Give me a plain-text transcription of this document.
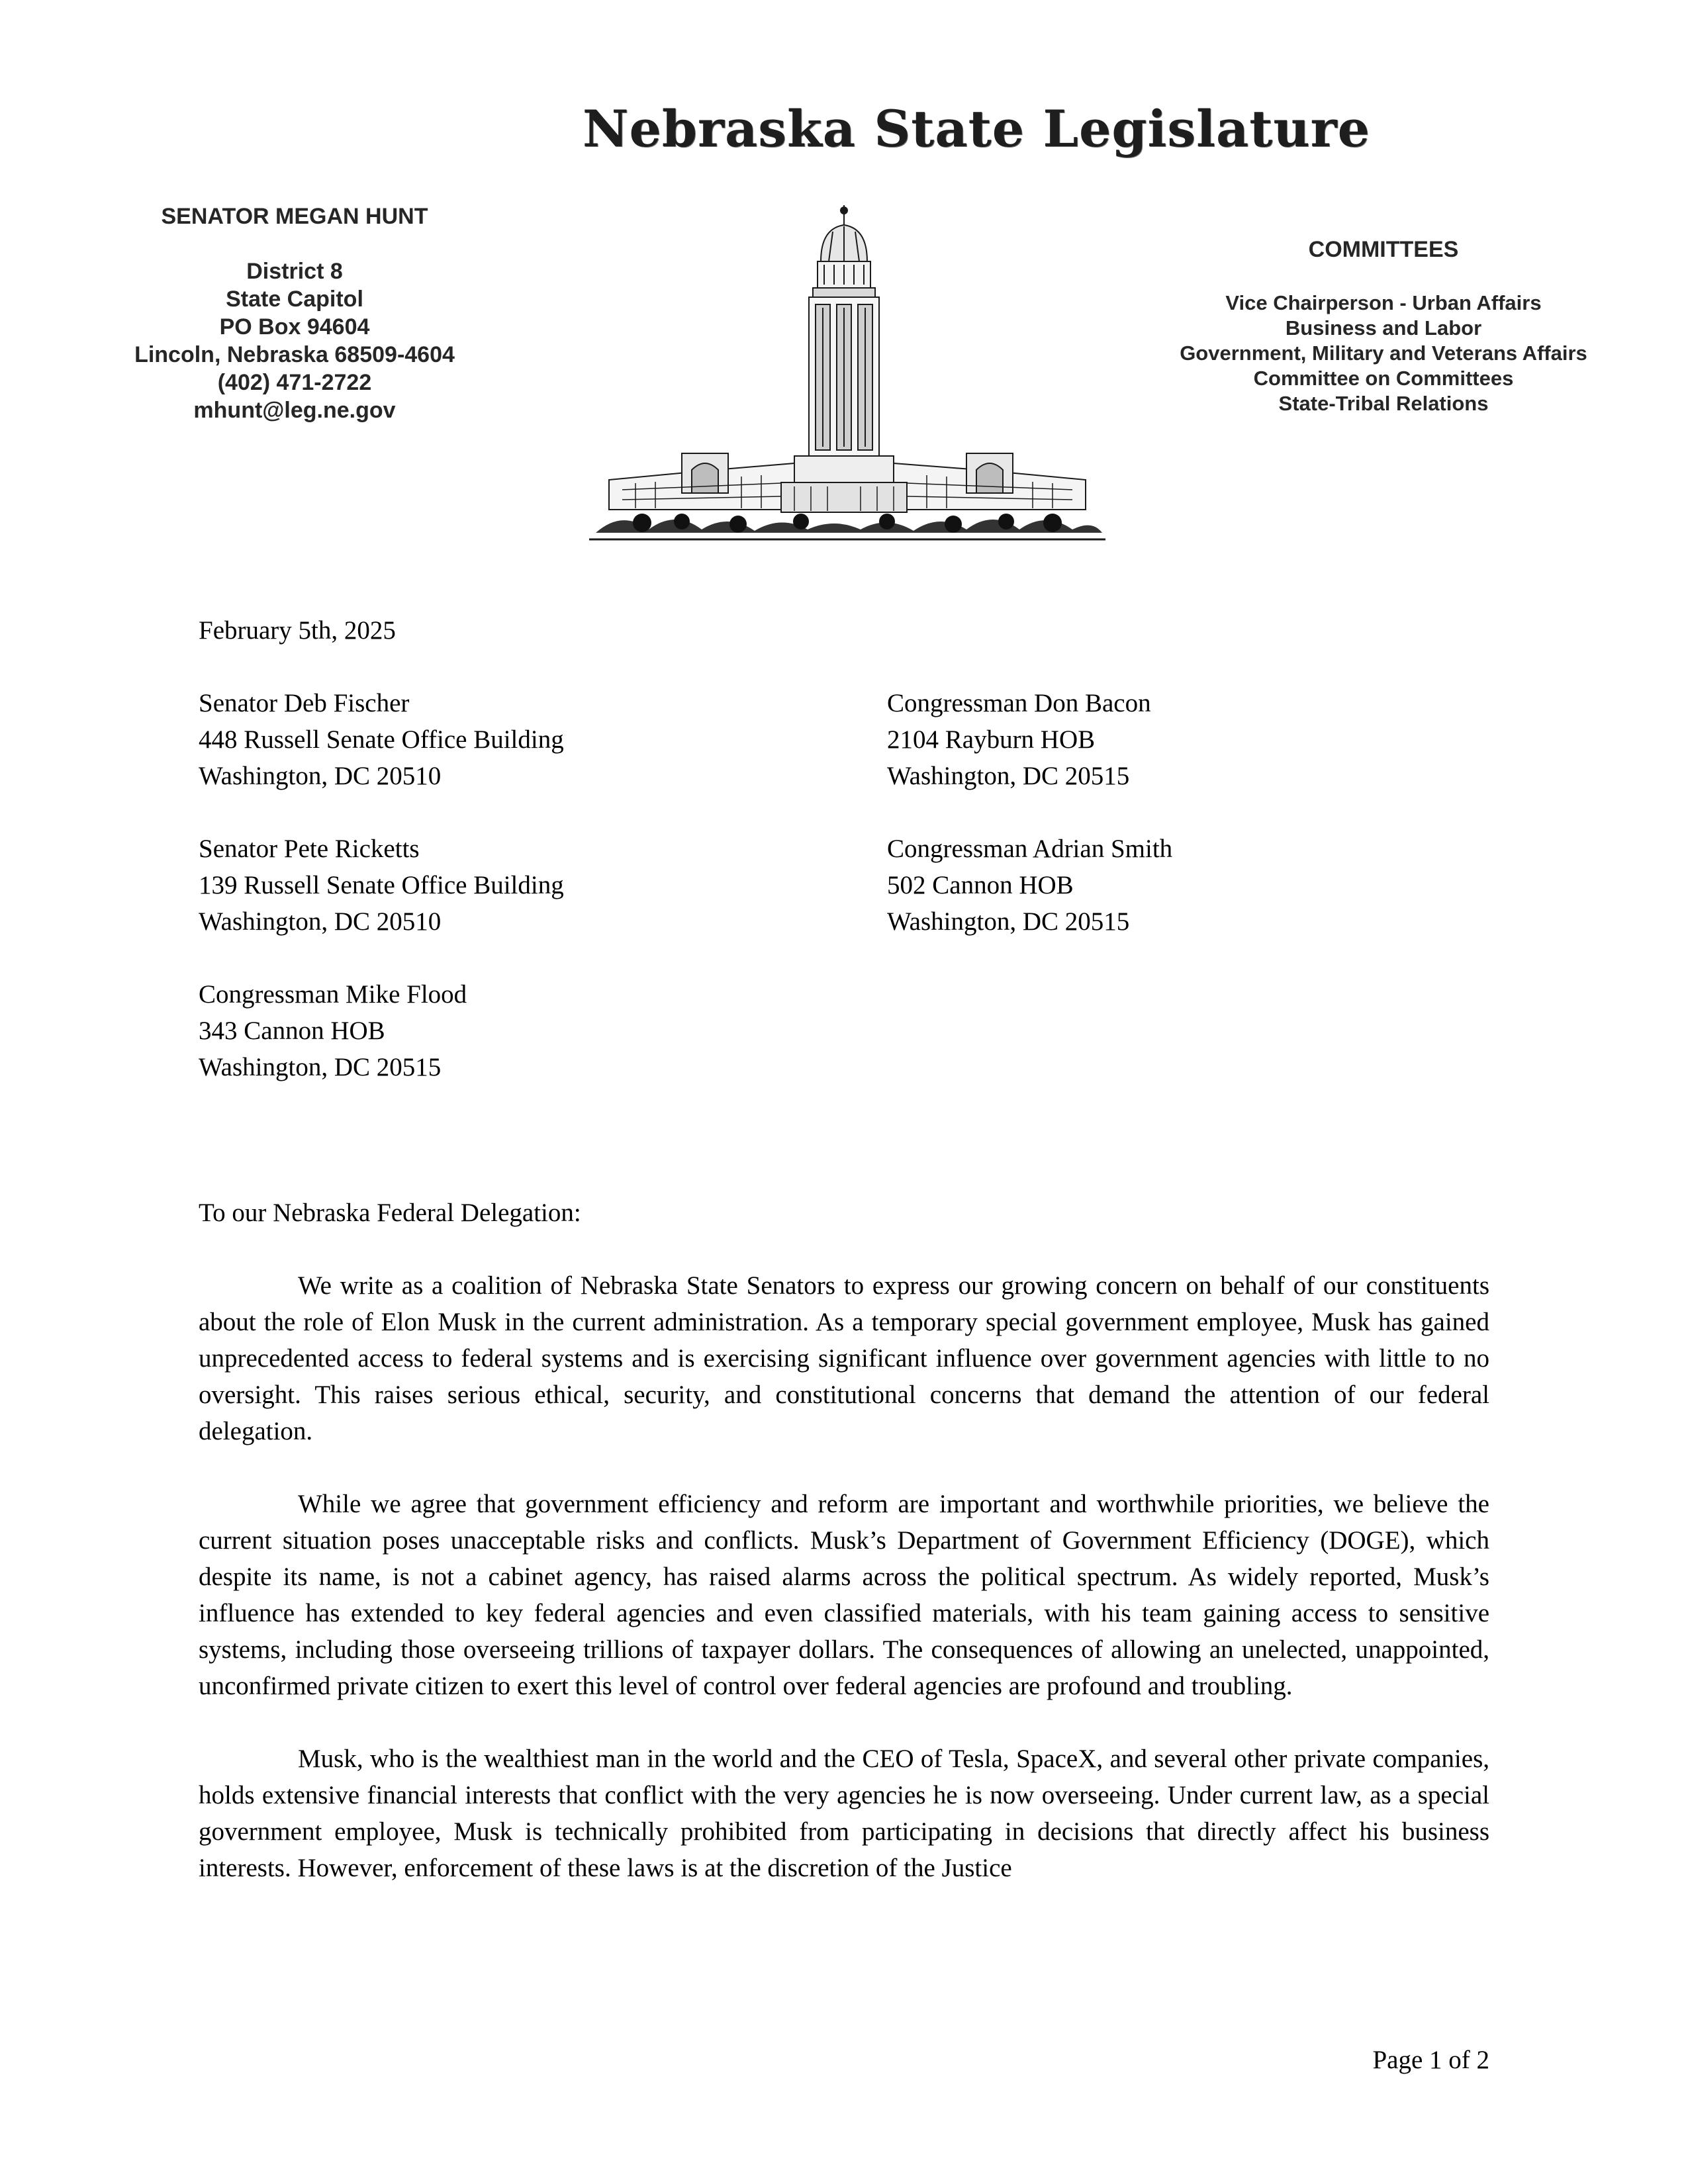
Nebraska State Legislature

SENATOR MEGAN HUNT

District 8

State Capitol

PO Box 94604

Lincoln, Nebraska 68509-4604

(402) 471-2722

mhunt@leg.ne.gov

COMMITTEES

Vice Chairperson - Urban Affairs

Business and Labor

Government, Military and Veterans Affairs

Committee on Committees

State-Tribal Relations

February 5th, 2025

Senator Deb Fischer

448 Russell Senate Office Building

Washington, DC 20510

Congressman Don Bacon

2104 Rayburn HOB

Washington, DC 20515

Senator Pete Ricketts

139 Russell Senate Office Building

Washington, DC 20510

Congressman Adrian Smith

502 Cannon HOB

Washington, DC 20515

Congressman Mike Flood

343 Cannon HOB

Washington, DC 20515

To our Nebraska Federal Delegation:

We write as a coalition of Nebraska State Senators to express our growing concern on behalf of our constituents about the role of Elon Musk in the current administration. As a temporary special government employee, Musk has gained unprecedented access to federal systems and is exercising significant influence over government agencies with little to no oversight. This raises serious ethical, security, and constitutional concerns that demand the attention of our federal delegation.

While we agree that government efficiency and reform are important and worthwhile priorities, we believe the current situation poses unacceptable risks and conflicts. Musk’s Department of Government Efficiency (DOGE), which despite its name, is not a cabinet agency, has raised alarms across the political spectrum. As widely reported, Musk’s influence has extended to key federal agencies and even classified materials, with his team gaining access to sensitive systems, including those overseeing trillions of taxpayer dollars. The consequences of allowing an unelected, unappointed, unconfirmed private citizen to exert this level of control over federal agencies are profound and troubling.

Musk, who is the wealthiest man in the world and the CEO of Tesla, SpaceX, and several other private companies, holds extensive financial interests that conflict with the very agencies he is now overseeing. Under current law, as a special government employee, Musk is technically prohibited from participating in decisions that directly affect his business interests. However, enforcement of these laws is at the discretion of the Justice

Page 1 of 2
